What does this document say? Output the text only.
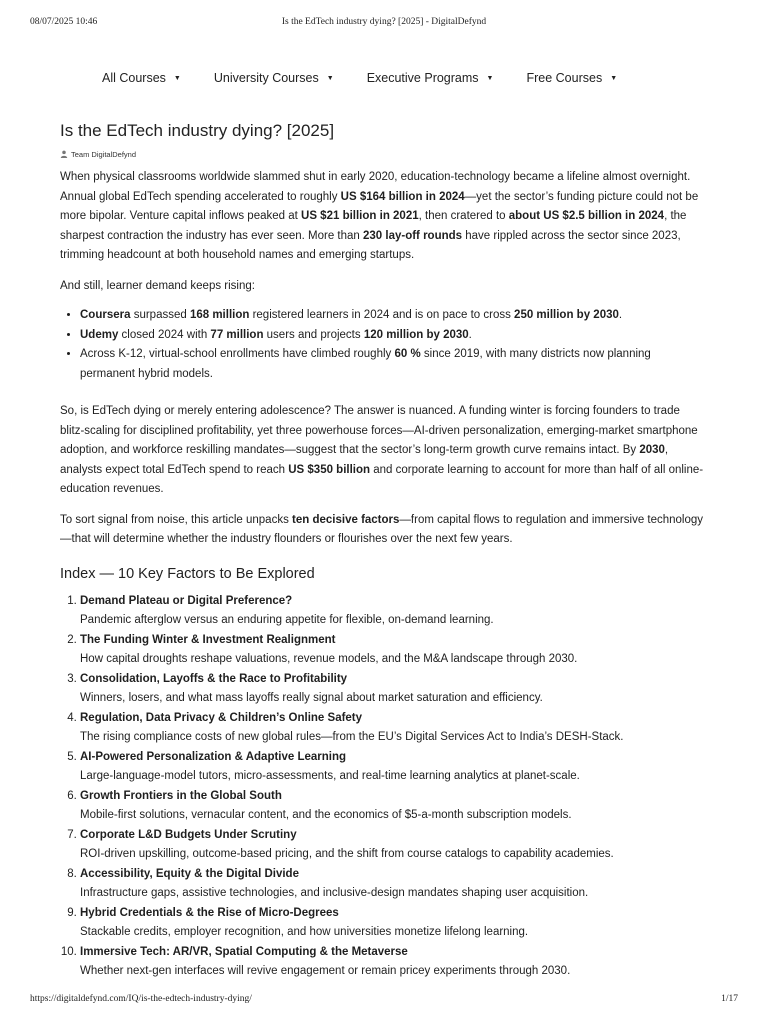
08/07/2025 10:46	Is the EdTech industry dying? [2025] - DigitalDefynd
All Courses ▼	University Courses ▼	Executive Programs ▼	Free Courses ▼
Is the EdTech industry dying? [2025]
Team DigitalDefynd

When physical classrooms worldwide slammed shut in early 2020, education-technology became a lifeline almost overnight. Annual global EdTech spending accelerated to roughly US $164 billion in 2024—yet the sector’s funding picture could not be more bipolar. Venture capital inflows peaked at US $21 billion in 2021, then cratered to about US $2.5 billion in 2024, the sharpest contraction the industry has ever seen. More than 230 lay-off rounds have rippled across the sector since 2023, trimming headcount at both household names and emerging startups.

And still, learner demand keeps rising:

• Coursera surpassed 168 million registered learners in 2024 and is on pace to cross 250 million by 2030.
• Udemy closed 2024 with 77 million users and projects 120 million by 2030.
• Across K-12, virtual-school enrollments have climbed roughly 60 % since 2019, with many districts now planning permanent hybrid models.

So, is EdTech dying or merely entering adolescence? The answer is nuanced. A funding winter is forcing founders to trade blitz-scaling for disciplined profitability, yet three powerhouse forces—AI-driven personalization, emerging-market smartphone adoption, and workforce reskilling mandates—suggest that the sector’s long-term growth curve remains intact. By 2030, analysts expect total EdTech spend to reach US $350 billion and corporate learning to account for more than half of all online-education revenues.

To sort signal from noise, this article unpacks ten decisive factors—from capital flows to regulation and immersive technology—that will determine whether the industry flounders or flourishes over the next few years.

Index — 10 Key Factors to Be Explored
1. Demand Plateau or Digital Preference?
Pandemic afterglow versus an enduring appetite for flexible, on-demand learning.
2. The Funding Winter & Investment Realignment
How capital droughts reshape valuations, revenue models, and the M&A landscape through 2030.
3. Consolidation, Layoffs & the Race to Profitability
Winners, losers, and what mass layoffs really signal about market saturation and efficiency.
4. Regulation, Data Privacy & Children’s Online Safety
The rising compliance costs of new global rules—from the EU’s Digital Services Act to India’s DESH-Stack.
5. AI-Powered Personalization & Adaptive Learning
Large-language-model tutors, micro-assessments, and real-time learning analytics at planet-scale.
6. Growth Frontiers in the Global South
Mobile-first solutions, vernacular content, and the economics of $5-a-month subscription models.
7. Corporate L&D Budgets Under Scrutiny
ROI-driven upskilling, outcome-based pricing, and the shift from course catalogs to capability academies.
8. Accessibility, Equity & the Digital Divide
Infrastructure gaps, assistive technologies, and inclusive-design mandates shaping user acquisition.
9. Hybrid Credentials & the Rise of Micro-Degrees
Stackable credits, employer recognition, and how universities monetize lifelong learning.
10. Immersive Tech: AR/VR, Spatial Computing & the Metaverse
Whether next-gen interfaces will revive engagement or remain pricey experiments through 2030.
https://digitaldefynd.com/IQ/is-the-edtech-industry-dying/	1/17
